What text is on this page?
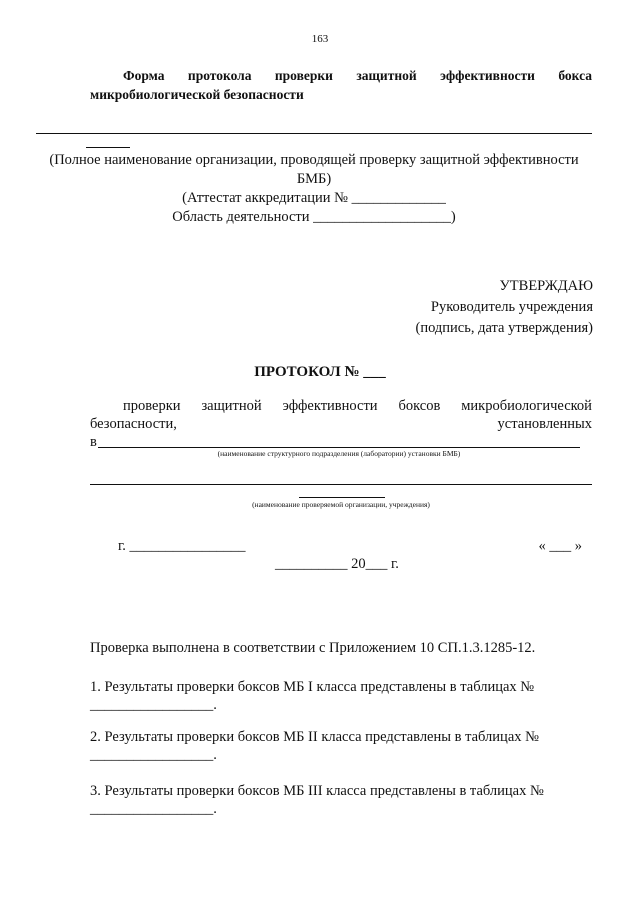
163
Форма протокола проверки защитной эффективности бокса
микробиологической безопасности
(Полное наименование организации, проводящей проверку защитной эффективности
БМБ)
(Аттестат аккредитации № _____________
Область деятельности ___________________)
УТВЕРЖДАЮ
Руководитель учреждения
(подпись, дата утверждения)
ПРОТОКОЛ № ___
проверки защитной эффективности боксов микробиологической
безопасности,	установленных
в
(наименование структурного подразделения (лаборатории) установки БМБ)
(наименование проверяемой организации, учреждения)
г. ________________	« ___ »
__________ 20___ г.
Проверка выполнена в соответствии с Приложением 10 СП.1.3.1285-12.
1. Результаты проверки боксов МБ I класса представлены в таблицах №
_________________.
2. Результаты проверки боксов МБ II класса представлены в таблицах №
_________________.
3. Результаты проверки боксов МБ III класса представлены в таблицах №
_________________.
